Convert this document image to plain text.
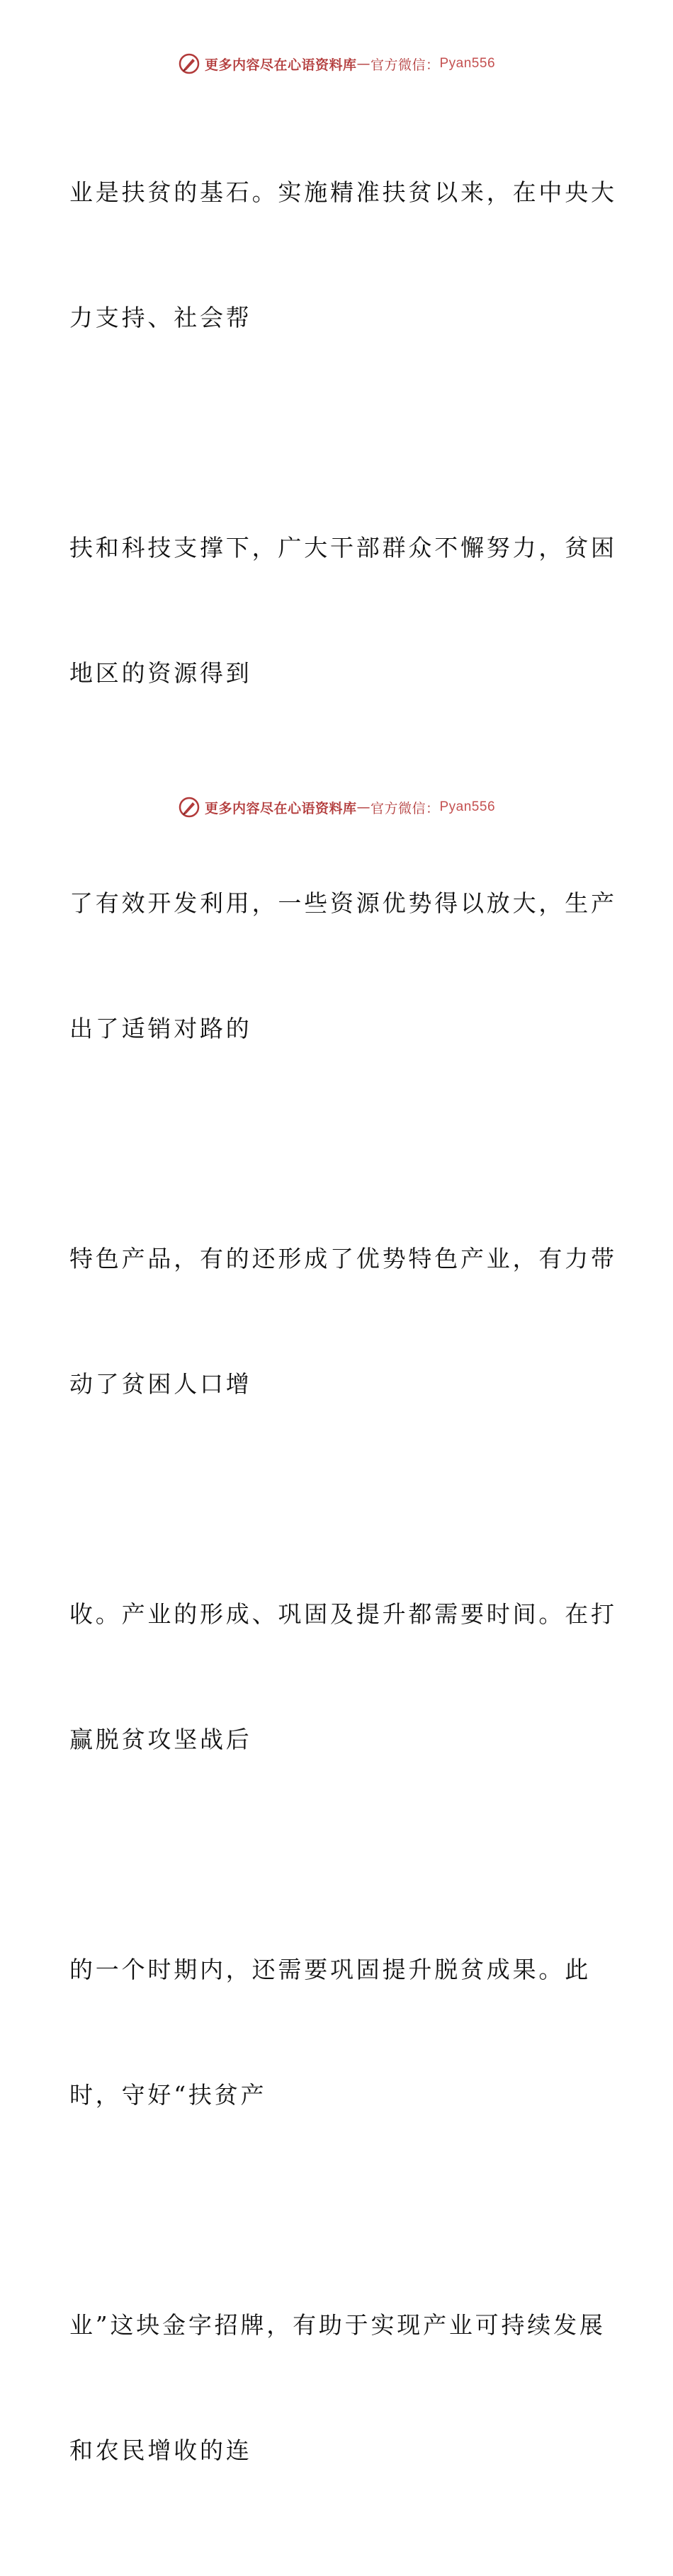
更多内容尽在心语资料库 — 官方微信： Pyan556

业是扶贫的基石。实施精准扶贫以来，在中央大

力支持、社会帮

扶和科技支撑下，广大干部群众不懈努力，贫困

地区的资源得到

了有效开发利用，一些资源优势得以放大，生产

出了适销对路的

特色产品，有的还形成了优势特色产业，有力带

动了贫困人口增

收。产业的形成、巩固及提升都需要时间。在打

赢脱贫攻坚战后

的一个时期内，还需要巩固提升脱贫成果。此

时，守好“扶贫产

业”这块金字招牌，有助于实现产业可持续发展

和农民增收的连

更多内容尽在心语资料库 — 官方微信： Pyan556
